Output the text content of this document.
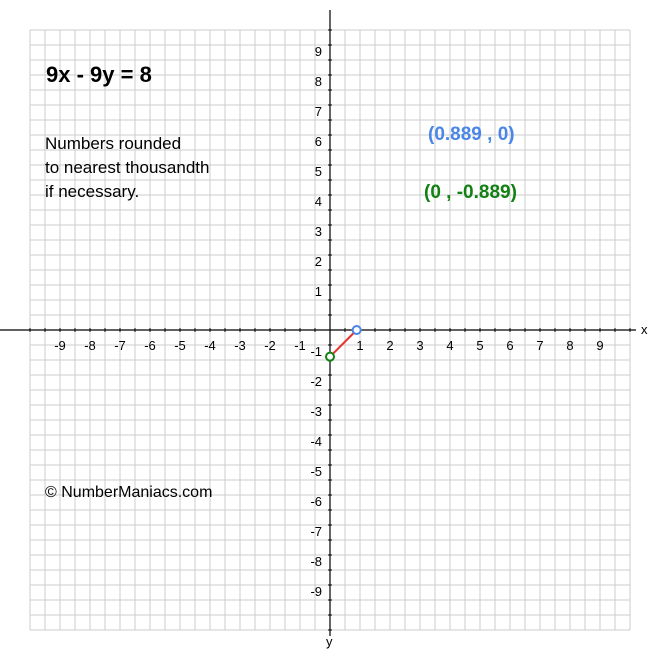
x
y
-9 -8 -7 -6 -5 -4 -3 -2 -1	1 2 3 4 5 6 7 8 9
9
8
7
6
5
4
3
2
1
-1
-2
-3
-4
-5
-6
-7
-8
-9
9x - 9y = 8
Numbers rounded
to nearest thousandth
if necessary.
(0.889 , 0)
(0 , -0.889)
© NumberManiacs.com
